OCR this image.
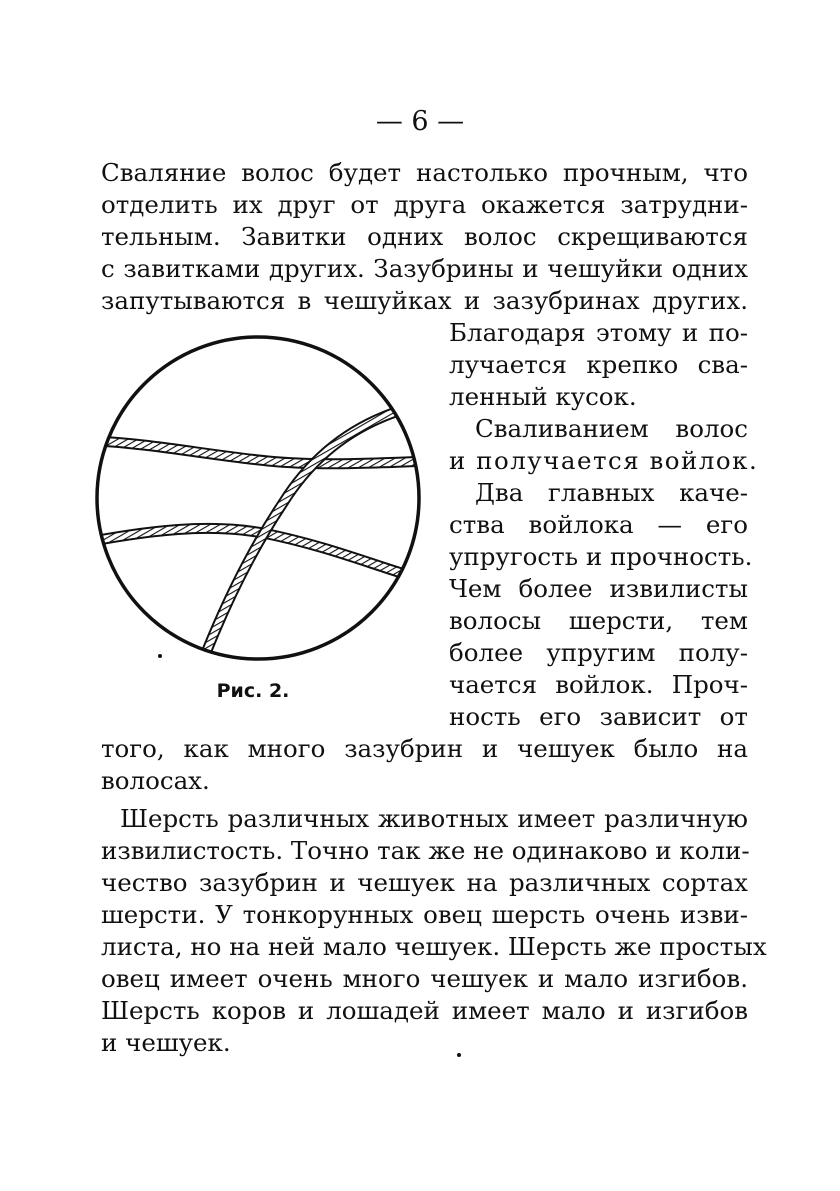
— 6 —

Сваляние волос будет настолько прочным, что

отделить их друг от друга окажется затрудни-

тельным. Завитки одних волос скрещиваются

с завитками других. Зазубрины и чешуйки одних

запутываются в чешуйках и зазубринах других.

Благодаря этому и по-

лучается крепко сва-

ленный кусок.

Сваливанием волос

и получается войлок.

Два главных каче-

ства войлока — его

упругость и прочность.

Чем более извилисты

волосы шерсти, тем

более упругим полу-

чается войлок. Проч-

ность его зависит от

того, как много зазубрин и чешуек было на

волосах.

Шерсть различных животных имеет различную

извилистость. Точно так же не одинаково и коли-

чество зазубрин и чешуек на различных сортах

шерсти. У тонкорунных овец шерсть очень изви-

листа, но на ней мало чешуек. Шерсть же простых

овец имеет очень много чешуек и мало изгибов.

Шерсть коров и лошадей имеет мало и изгибов

и чешуек.

Рис. 2.
